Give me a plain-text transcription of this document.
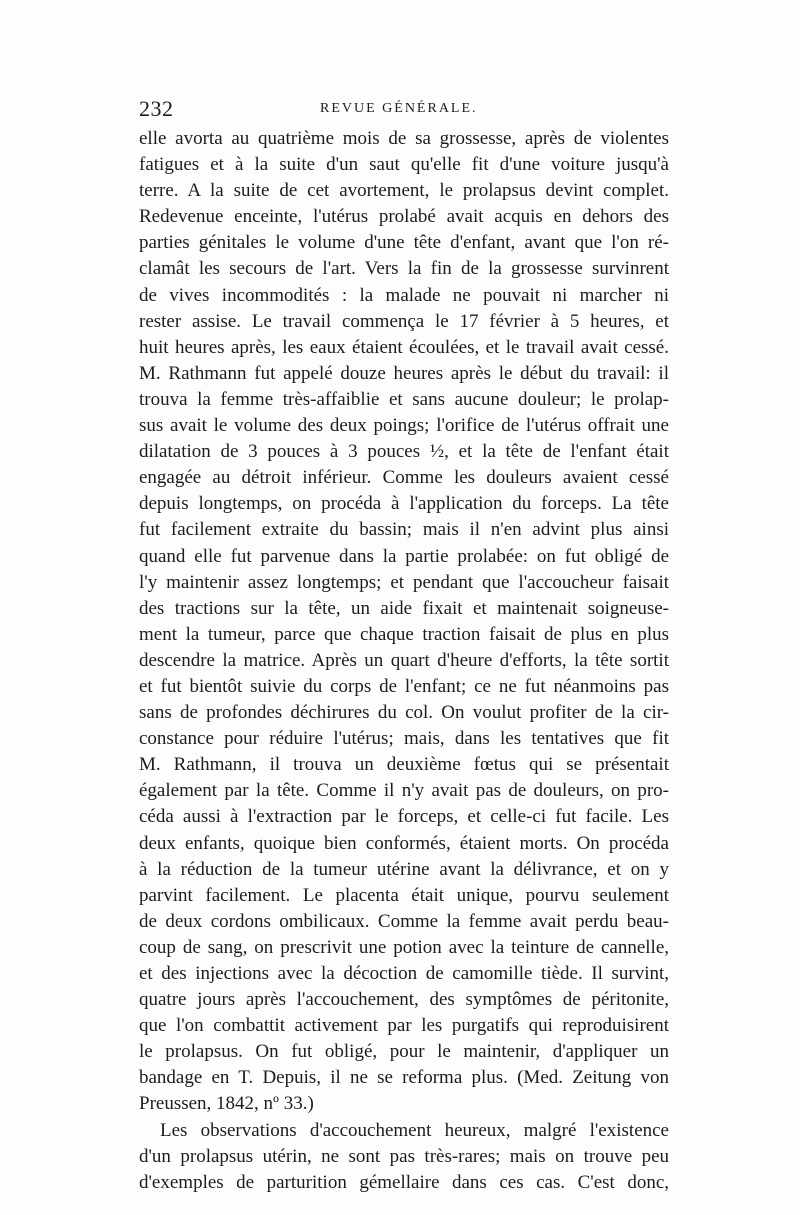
232	REVUE GÉNÉRALE.
elle avorta au quatrième mois de sa grossesse, après de violentes
fatigues et à la suite d'un saut qu'elle fit d'une voiture jusqu'à
terre. A la suite de cet avortement, le prolapsus devint complet.
Redevenue enceinte, l'utérus prolabé avait acquis en dehors des
parties génitales le volume d'une tête d'enfant, avant que l'on ré-
clamât les secours de l'art. Vers la fin de la grossesse survinrent
de vives incommodités : la malade ne pouvait ni marcher ni
rester assise. Le travail commença le 17 février à 5 heures, et
huit heures après, les eaux étaient écoulées, et le travail avait cessé.
M. Rathmann fut appelé douze heures après le début du travail: il
trouva la femme très-affaiblie et sans aucune douleur; le prolap-
sus avait le volume des deux poings; l'orifice de l'utérus offrait une
dilatation de 3 pouces à 3 pouces ½, et la tête de l'enfant était
engagée au détroit inférieur. Comme les douleurs avaient cessé
depuis longtemps, on procéda à l'application du forceps. La tête
fut facilement extraite du bassin; mais il n'en advint plus ainsi
quand elle fut parvenue dans la partie prolabée: on fut obligé de
l'y maintenir assez longtemps; et pendant que l'accoucheur faisait
des tractions sur la tête, un aide fixait et maintenait soigneuse-
ment la tumeur, parce que chaque traction faisait de plus en plus
descendre la matrice. Après un quart d'heure d'efforts, la tête sortit
et fut bientôt suivie du corps de l'enfant; ce ne fut néanmoins pas
sans de profondes déchirures du col. On voulut profiter de la cir-
constance pour réduire l'utérus; mais, dans les tentatives que fit
M. Rathmann, il trouva un deuxième fœtus qui se présentait
également par la tête. Comme il n'y avait pas de douleurs, on pro-
céda aussi à l'extraction par le forceps, et celle-ci fut facile. Les
deux enfants, quoique bien conformés, étaient morts. On procéda
à la réduction de la tumeur utérine avant la délivrance, et on y
parvint facilement. Le placenta était unique, pourvu seulement
de deux cordons ombilicaux. Comme la femme avait perdu beau-
coup de sang, on prescrivit une potion avec la teinture de cannelle,
et des injections avec la décoction de camomille tiède. Il survint,
quatre jours après l'accouchement, des symptômes de péritonite,
que l'on combattit activement par les purgatifs qui reproduisirent
le prolapsus. On fut obligé, pour le maintenir, d'appliquer un
bandage en T. Depuis, il ne se reforma plus. (Med. Zeitung von
Preussen, 1842, nº 33.)
Les observations d'accouchement heureux, malgré l'existence
d'un prolapsus utérin, ne sont pas très-rares; mais on trouve peu
d'exemples de parturition gémellaire dans ces cas. C'est donc,
